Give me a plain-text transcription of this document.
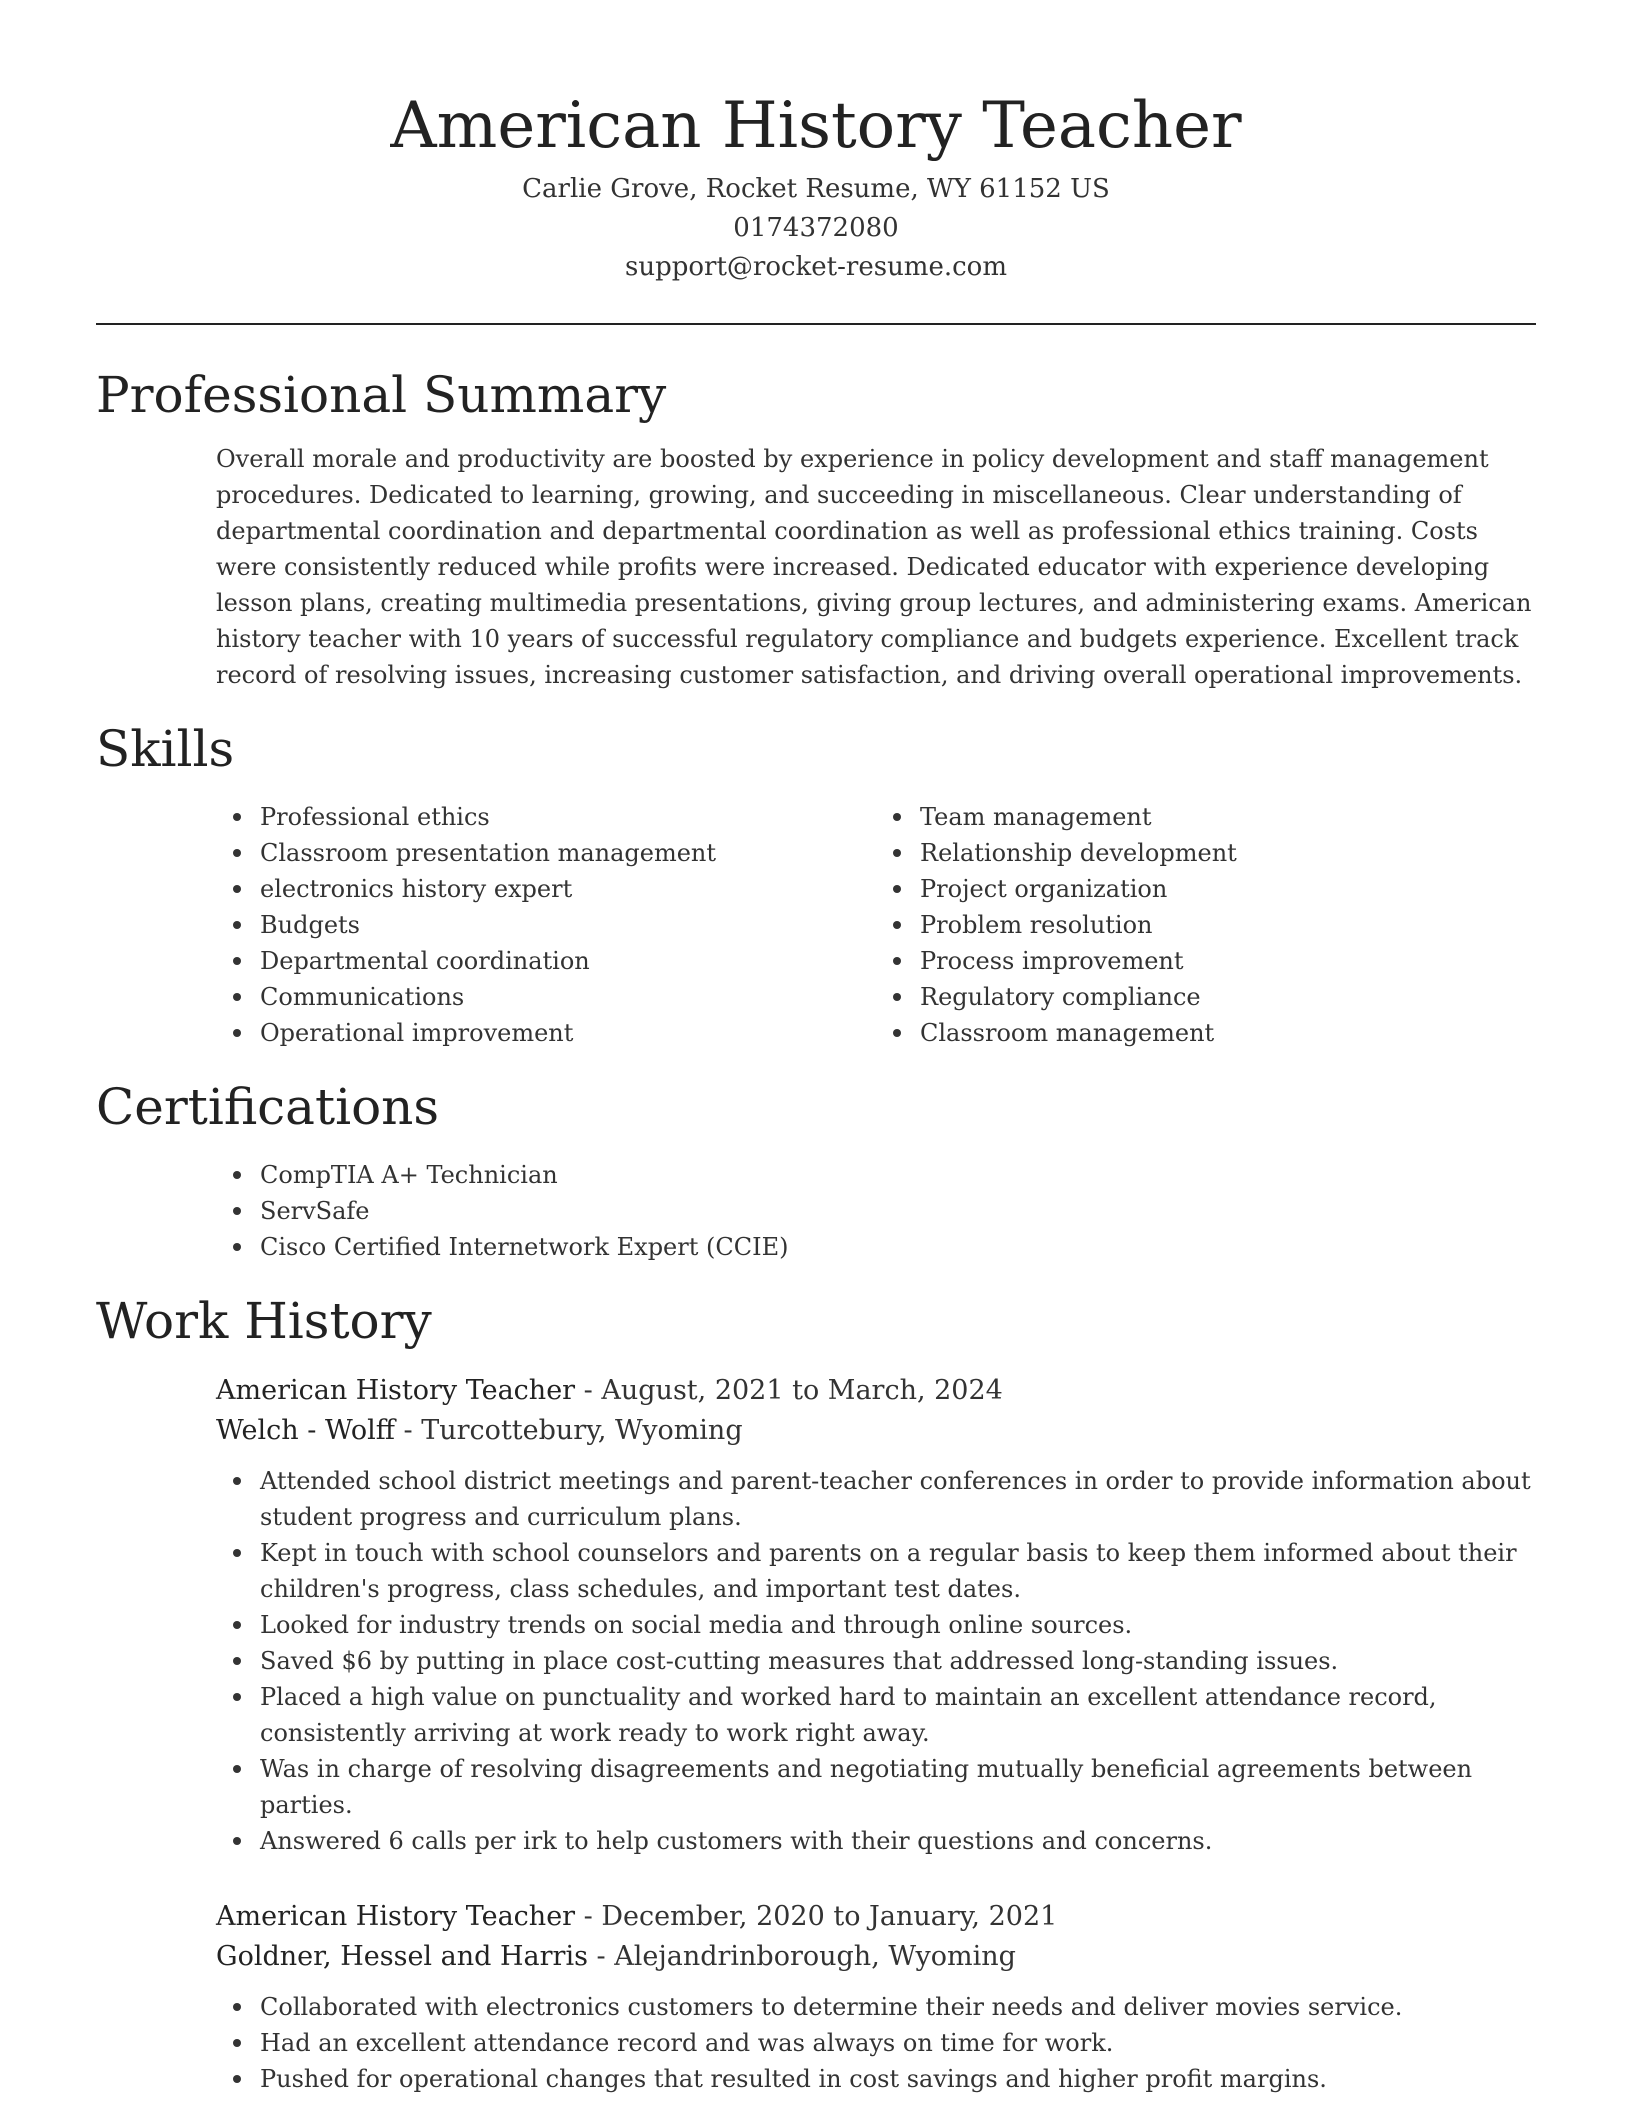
American History Teacher
Carlie Grove, Rocket Resume, WY 61152 US
0174372080
support@rocket-resume.com
Professional Summary

Overall morale and productivity are boosted by experience in policy development and staff management procedures. Dedicated to learning, growing, and succeeding in miscellaneous. Clear understanding of departmental coordination and departmental coordination as well as professional ethics training. Costs were consistently reduced while profits were increased. Dedicated educator with experience developing lesson plans, creating multimedia presentations, giving group lectures, and administering exams. American history teacher with 10 years of successful regulatory compliance and budgets experience. Excellent track record of resolving issues, increasing customer satisfaction, and driving overall operational improvements.

Skills
Professional ethics
Classroom presentation management
electronics history expert
Budgets
Departmental coordination
Communications
Operational improvement
Team management
Relationship development
Project organization
Problem resolution
Process improvement
Regulatory compliance
Classroom management
Certifications
CompTIA A+ Technician
ServSafe
Cisco Certified Internetwork Expert (CCIE)
Work History
American History Teacher - August, 2021 to March, 2024
Welch - Wolff - Turcottebury, Wyoming
Attended school district meetings and parent-teacher conferences in order to provide information about student progress and curriculum plans.
Kept in touch with school counselors and parents on a regular basis to keep them informed about their children's progress, class schedules, and important test dates.
Looked for industry trends on social media and through online sources.
Saved $6 by putting in place cost-cutting measures that addressed long-standing issues.
Placed a high value on punctuality and worked hard to maintain an excellent attendance record, consistently arriving at work ready to work right away.
Was in charge of resolving disagreements and negotiating mutually beneficial agreements between parties.
Answered 6 calls per irk to help customers with their questions and concerns.
American History Teacher - December, 2020 to January, 2021
Goldner, Hessel and Harris - Alejandrinborough, Wyoming
Collaborated with electronics customers to determine their needs and deliver movies service.
Had an excellent attendance record and was always on time for work.
Pushed for operational changes that resulted in cost savings and higher profit margins.
